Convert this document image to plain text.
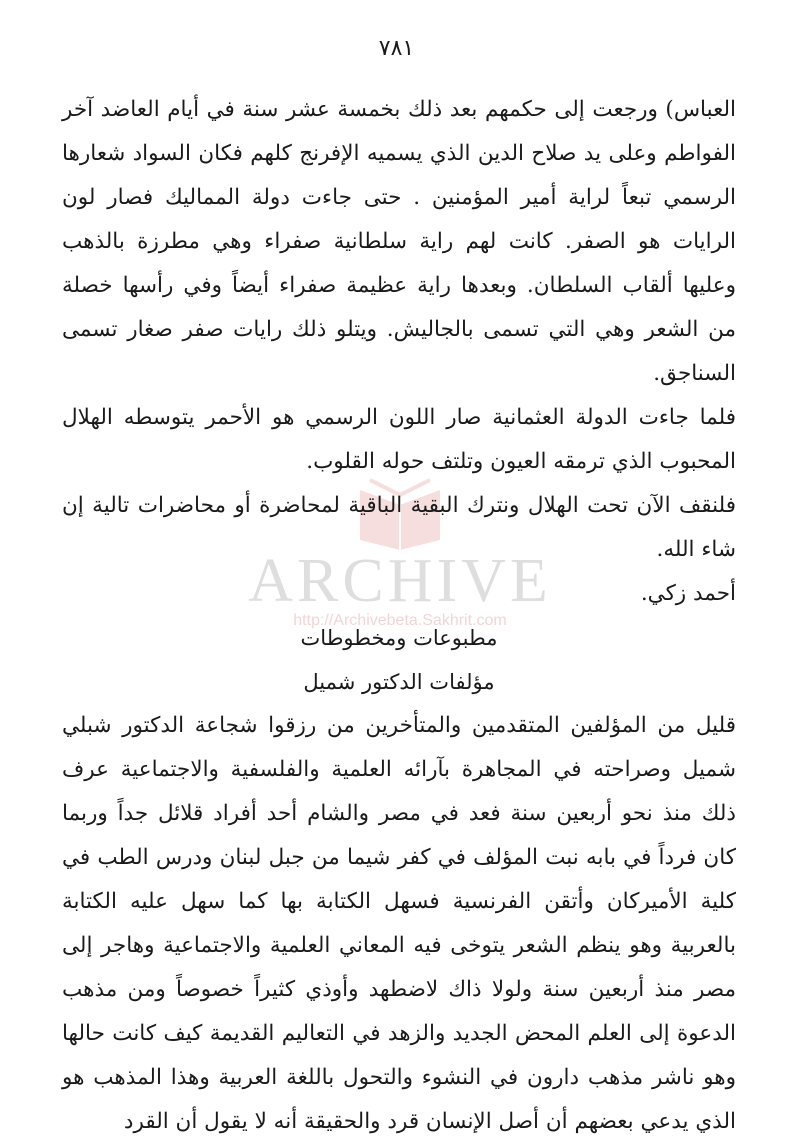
٧٨١
ARCHIVE
http://Archivebeta.Sakhrit.com

العباس) ورجعت إلى حكمهم بعد ذلك بخمسة عشر سنة في أيام العاضد آخر الفواطم وعلى يد صلاح الدين الذي يسميه الإفرنج كلهم فكان السواد شعارها الرسمي تبعاً لراية أمير المؤمنين . حتى جاءت دولة المماليك فصار لون الرايات هو الصفر. كانت لهم راية سلطانية صفراء وهي مطرزة بالذهب وعليها ألقاب السلطان. وبعدها راية عظيمة صفراء أيضاً وفي رأسها خصلة من الشعر وهي التي تسمى بالجاليش. ويتلو ذلك رايات صفر صغار تسمى السناجق.

فلما جاءت الدولة العثمانية صار اللون الرسمي هو الأحمر يتوسطه الهلال المحبوب الذي ترمقه العيون وتلتف حوله القلوب.

فلنقف الآن تحت الهلال ونترك البقية الباقية لمحاضرة أو محاضرات تالية إن شاء الله.

أحمد زكي.

مطبوعات ومخطوطات

مؤلفات الدكتور شميل

قليل من المؤلفين المتقدمين والمتأخرين من رزقوا شجاعة الدكتور شبلي شميل وصراحته في المجاهرة بآرائه العلمية والفلسفية والاجتماعية عرف ذلك منذ نحو أربعين سنة فعد في مصر والشام أحد أفراد قلائل جداً وربما كان فرداً في بابه نبت المؤلف في كفر شيما من جبل لبنان ودرس الطب في كلية الأميركان وأتقن الفرنسية فسهل الكتابة بها كما سهل عليه الكتابة بالعربية وهو ينظم الشعر يتوخى فيه المعاني العلمية والاجتماعية وهاجر إلى مصر منذ أربعين سنة ولولا ذاك لاضطهد وأوذي كثيراً خصوصاً ومن مذهب الدعوة إلى العلم المحض الجديد والزهد في التعاليم القديمة كيف كانت حالها وهو ناشر مذهب دارون في النشوء والتحول باللغة العربية وهذا المذهب هو الذي يدعي بعضهم أن أصل الإنسان قرد والحقيقة أنه لا يقول أن القرد
